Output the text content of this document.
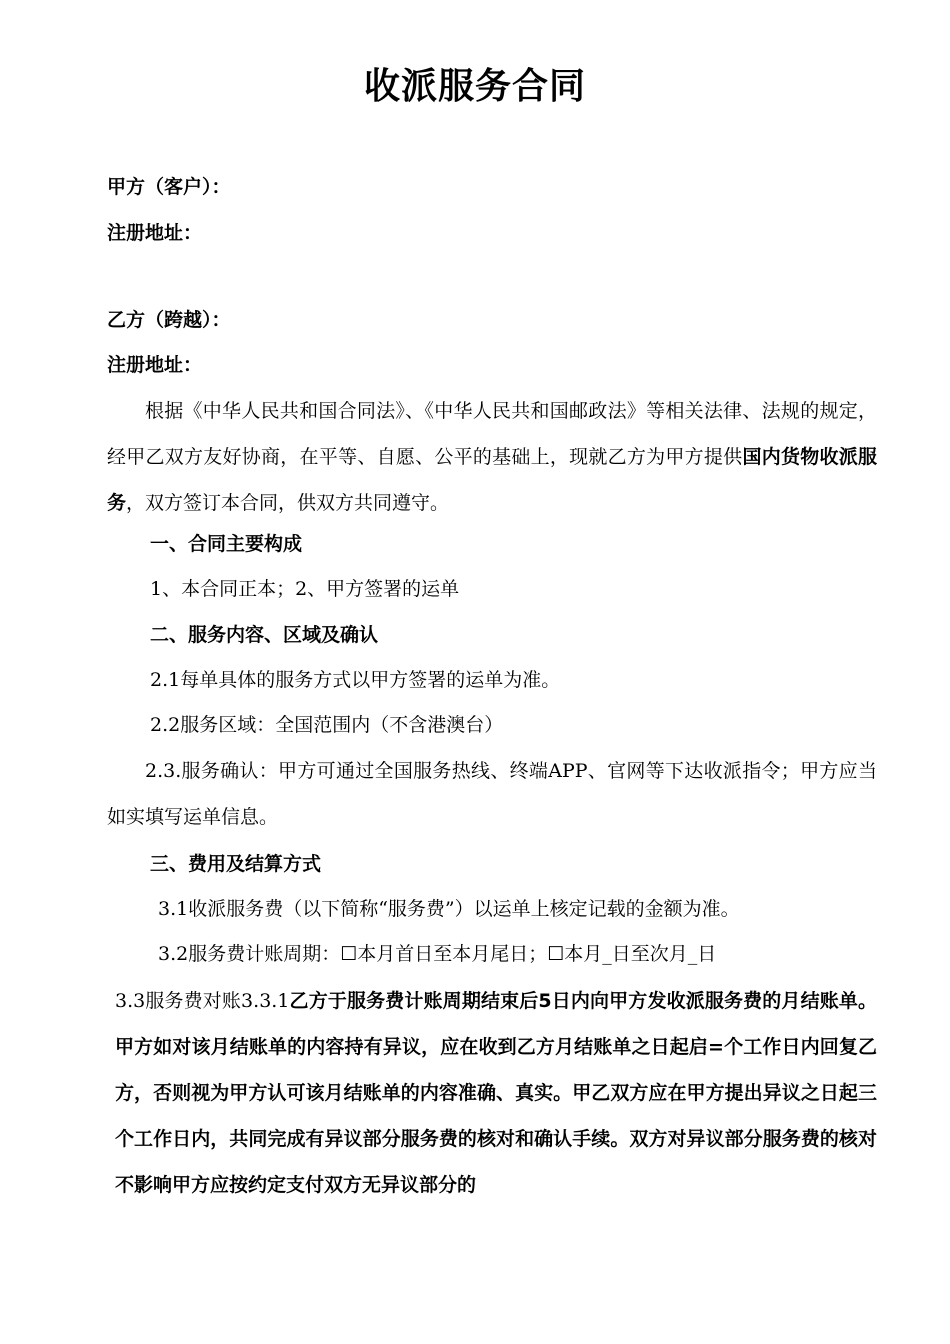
收派服务合同
甲方（客户）：
注册地址：
乙方（跨越）：
注册地址：
根据《中华人民共和国合同法》、《中华人民共和国邮政法》等相关法律、法规的规定，经甲乙双方友好协商，在平等、自愿、公平的基础上，现就乙方为甲方提供国内货物收派服务，双方签订本合同，供双方共同遵守。
一、合同主要构成
1、本合同正本；2、甲方签署的运单
二、服务内容、区域及确认
2.1每单具体的服务方式以甲方签署的运单为准。
2.2服务区域：全国范围内（不含港澳台）
2.3.服务确认：甲方可通过全国服务热线、终端APP、官网等下达收派指令；甲方应当如实填写运单信息。
三、费用及结算方式
3.1收派服务费（以下简称“服务费”）以运单上核定记载的金额为准。
3.2服务费计账周期：☐本月首日至本月尾日；☐本月_日至次月_日
3.3服务费对账3.3.1乙方于服务费计账周期结束后5日内向甲方发收派服务费的月结账单。甲方如对该月结账单的内容持有异议，应在收到乙方月结账单之日起启=个工作日内回复乙方，否则视为甲方认可该月结账单的内容准确、真实。甲乙双方应在甲方提出异议之日起三个工作日内，共同完成有异议部分服务费的核对和确认手续。双方对异议部分服务费的核对不影响甲方应按约定支付双方无异议部分的
